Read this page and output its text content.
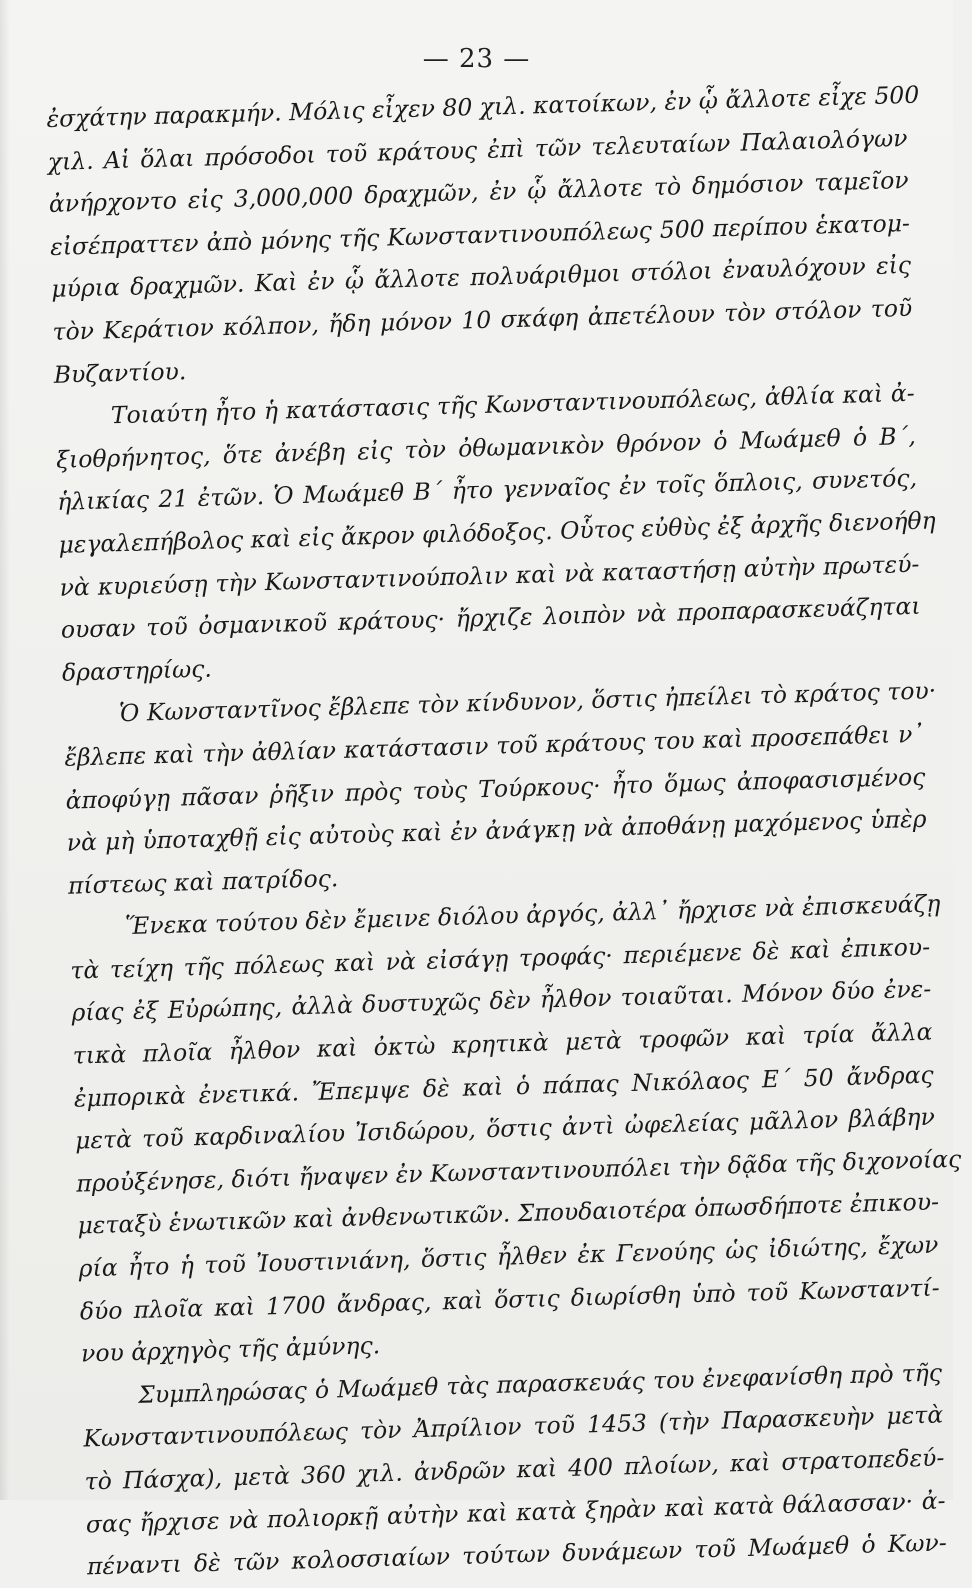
— 23 —
ἐσχάτην παρακμήν. Μόλις εἶχεν 80 χιλ. κατοίκων, ἐν ᾧ ἄλλοτε εἶχε 500
χιλ. Αἱ ὅλαι πρόσοδοι τοῦ κράτους ἐπὶ τῶν τελευταίων Παλαιολόγων
ἀνήρχοντο εἰς 3,000,000 δραχμῶν, ἐν ᾧ ἄλλοτε τὸ δημόσιον ταμεῖον
εἰσέπραττεν ἀπὸ μόνης τῆς Κωνσταντινουπόλεως 500 περίπου ἑκατομ-
μύρια δραχμῶν. Καὶ ἐν ᾧ ἄλλοτε πολυάριθμοι στόλοι ἐναυλόχουν εἰς
τὸν Κεράτιον κόλπον, ἤδη μόνον 10 σκάφη ἀπετέλουν τὸν στόλον τοῦ
Βυζαντίου.
Τοιαύτη ἦτο ἡ κατάστασις τῆς Κωνσταντινουπόλεως, ἀθλία καὶ ἀ-
ξιοθρήνητος, ὅτε ἀνέβη εἰς τὸν ὀθωμανικὸν θρόνον ὁ Μωάμεθ ὁ Β΄,
ἡλικίας 21 ἐτῶν. Ὁ Μωάμεθ Β΄ ἦτο γενναῖος ἐν τοῖς ὅπλοις, συνετός,
μεγαλεπήβολος καὶ εἰς ἄκρον φιλόδοξος. Οὗτος εὐθὺς ἐξ ἀρχῆς διενοήθη
νὰ κυριεύσῃ τὴν Κωνσταντινούπολιν καὶ νὰ καταστήσῃ αὐτὴν πρωτεύ-
ουσαν τοῦ ὀσμανικοῦ κράτους· ἤρχιζε λοιπὸν νὰ προπαρασκευάζηται
δραστηρίως.
Ὁ Κωνσταντῖνος ἔβλεπε τὸν κίνδυνον, ὅστις ἠπείλει τὸ κράτος του·
ἔβλεπε καὶ τὴν ἀθλίαν κατάστασιν τοῦ κράτους του καὶ προσεπάθει ν᾽
ἀποφύγῃ πᾶσαν ῥῆξιν πρὸς τοὺς Τούρκους· ἦτο ὅμως ἀποφασισμένος
νὰ μὴ ὑποταχθῇ εἰς αὐτοὺς καὶ ἐν ἀνάγκῃ νὰ ἀποθάνῃ μαχόμενος ὑπὲρ
πίστεως καὶ πατρίδος.
Ἕνεκα τούτου δὲν ἔμεινε διόλου ἀργός, ἀλλ᾽ ἤρχισε νὰ ἐπισκευάζῃ
τὰ τείχη τῆς πόλεως καὶ νὰ εἰσάγῃ τροφάς· περιέμενε δὲ καὶ ἐπικου-
ρίας ἐξ Εὐρώπης, ἀλλὰ δυστυχῶς δὲν ἦλθον τοιαῦται. Μόνον δύο ἐνε-
τικὰ πλοῖα ἦλθον καὶ ὀκτὼ κρητικὰ μετὰ τροφῶν καὶ τρία ἄλλα
ἐμπορικὰ ἐνετικά. Ἔπεμψε δὲ καὶ ὁ πάπας Νικόλαος Ε΄ 50 ἄνδρας
μετὰ τοῦ καρδιναλίου Ἰσιδώρου, ὅστις ἀντὶ ὠφελείας μᾶλλον βλάβην
προὐξένησε, διότι ἤναψεν ἐν Κωνσταντινουπόλει τὴν δᾷδα τῆς διχονοίας
μεταξὺ ἑνωτικῶν καὶ ἀνθενωτικῶν. Σπουδαιοτέρα ὁπωσδήποτε ἐπικου-
ρία ἦτο ἡ τοῦ Ἰουστινιάνη, ὅστις ἦλθεν ἐκ Γενούης ὡς ἰδιώτης, ἔχων
δύο πλοῖα καὶ 1700 ἄνδρας, καὶ ὅστις διωρίσθη ὑπὸ τοῦ Κωνσταντί-
νου ἀρχηγὸς τῆς ἀμύνης.
Συμπληρώσας ὁ Μωάμεθ τὰς παρασκευάς του ἐνεφανίσθη πρὸ τῆς
Κωνσταντινουπόλεως τὸν Ἀπρίλιον τοῦ 1453 (τὴν Παρασκευὴν μετὰ
τὸ Πάσχα), μετὰ 360 χιλ. ἀνδρῶν καὶ 400 πλοίων, καὶ στρατοπεδεύ-
σας ἤρχισε νὰ πολιορκῇ αὐτὴν καὶ κατὰ ξηρὰν καὶ κατὰ θάλασσαν· ἀ-
πέναντι δὲ τῶν κολοσσιαίων τούτων δυνάμεων τοῦ Μωάμεθ ὁ Κων-
